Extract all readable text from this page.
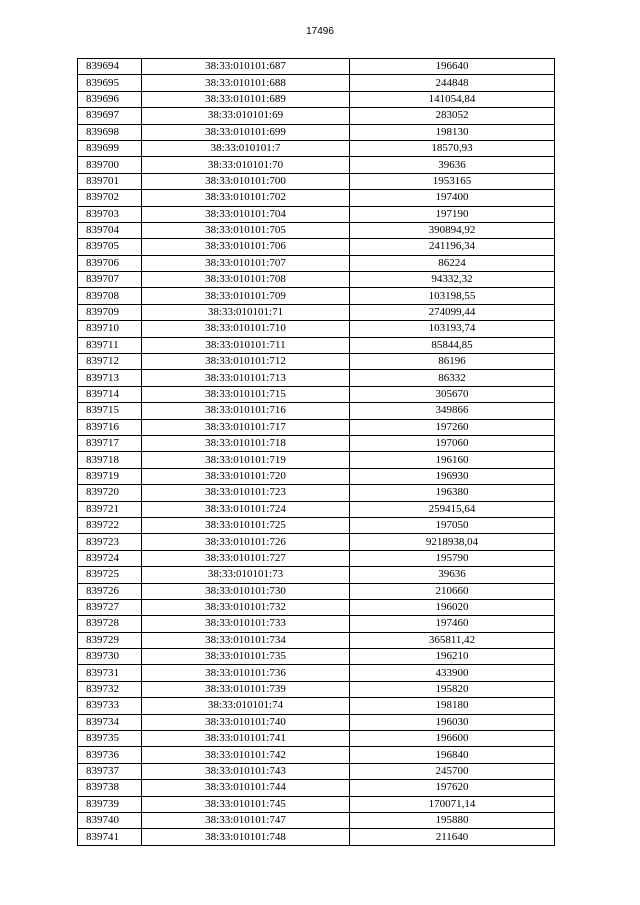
17496
839694	38:33:010101:687	196640
839695	38:33:010101:688	244848
839696	38:33:010101:689	141054,84
839697	38:33:010101:69	283052
839698	38:33:010101:699	198130
839699	38:33:010101:7	18570,93
839700	38:33:010101:70	39636
839701	38:33:010101:700	1953165
839702	38:33:010101:702	197400
839703	38:33:010101:704	197190
839704	38:33:010101:705	390894,92
839705	38:33:010101:706	241196,34
839706	38:33:010101:707	86224
839707	38:33:010101:708	94332,32
839708	38:33:010101:709	103198,55
839709	38:33:010101:71	274099,44
839710	38:33:010101:710	103193,74
839711	38:33:010101:711	85844,85
839712	38:33:010101:712	86196
839713	38:33:010101:713	86332
839714	38:33:010101:715	305670
839715	38:33:010101:716	349866
839716	38:33:010101:717	197260
839717	38:33:010101:718	197060
839718	38:33:010101:719	196160
839719	38:33:010101:720	196930
839720	38:33:010101:723	196380
839721	38:33:010101:724	259415,64
839722	38:33:010101:725	197050
839723	38:33:010101:726	9218938,04
839724	38:33:010101:727	195790
839725	38:33:010101:73	39636
839726	38:33:010101:730	210660
839727	38:33:010101:732	196020
839728	38:33:010101:733	197460
839729	38:33:010101:734	365811,42
839730	38:33:010101:735	196210
839731	38:33:010101:736	433900
839732	38:33:010101:739	195820
839733	38:33:010101:74	198180
839734	38:33:010101:740	196030
839735	38:33:010101:741	196600
839736	38:33:010101:742	196840
839737	38:33:010101:743	245700
839738	38:33:010101:744	197620
839739	38:33:010101:745	170071,14
839740	38:33:010101:747	195880
839741	38:33:010101:748	211640
